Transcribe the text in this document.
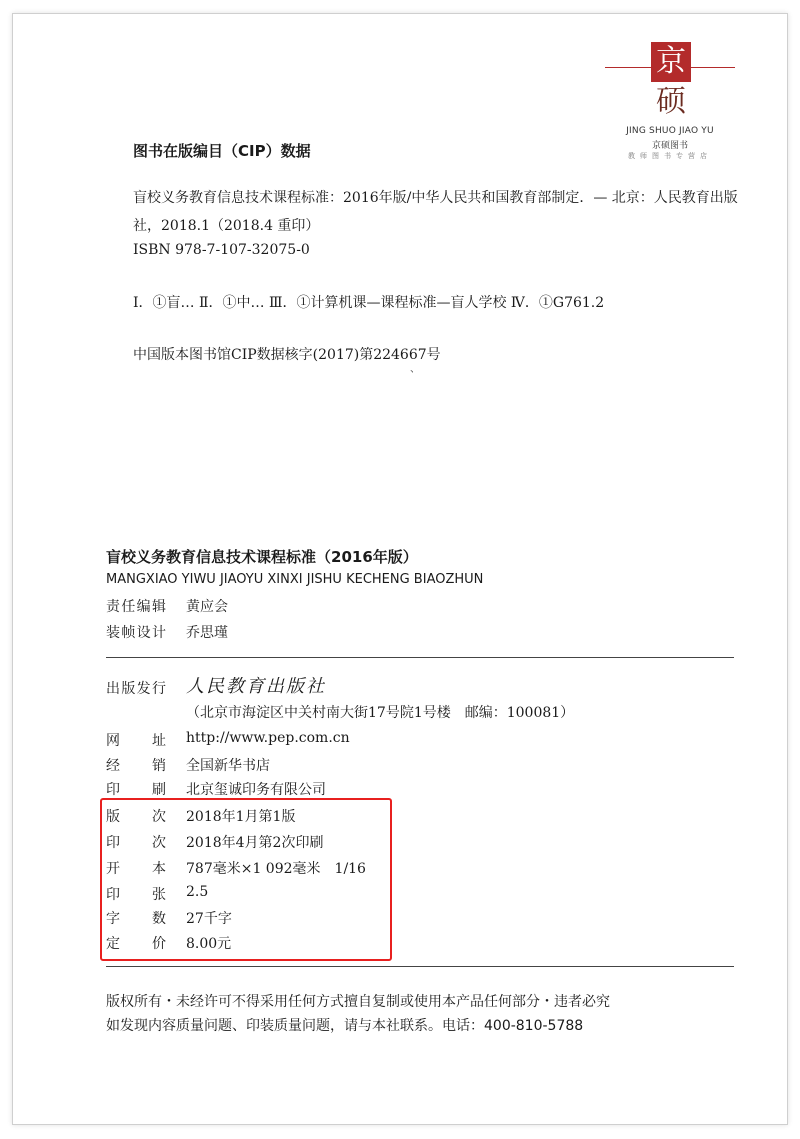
京
硕
JING SHUO JIAO YU
京硕图书
教师图书专营店
图书在版编目（CIP）数据
盲校义务教育信息技术课程标准：2016年版/中华人民共和国教育部制定．— 北京：人民教育出版社，2018.1（2018.4 重印）
ISBN 978-7-107-32075-0
Ⅰ．①盲… Ⅱ．①中… Ⅲ．①计算机课—课程标准—盲人学校 Ⅳ．①G761.2
中国版本图书馆CIP数据核字(2017)第224667号
、
盲校义务教育信息技术课程标准（2016年版）
MANGXIAO YIWU JIAOYU XINXI JISHU KECHENG BIAOZHUN
责任编辑 黄应会
装帧设计 乔思瑾
出版发行 人民教育出版社
（北京市海淀区中关村南大街17号院1号楼　邮编：100081）
网址 http://www.pep.com.cn
经销 全国新华书店
印刷 北京玺诚印务有限公司
版次 2018年1月第1版
印次 2018年4月第2次印刷
开本 787毫米×1 092毫米　1/16
印张 2.5
字数 27千字
定价 8.00元
版权所有・未经许可不得采用任何方式擅自复制或使用本产品任何部分・违者必究
如发现内容质量问题、印装质量问题，请与本社联系。电话：400-810-5788
